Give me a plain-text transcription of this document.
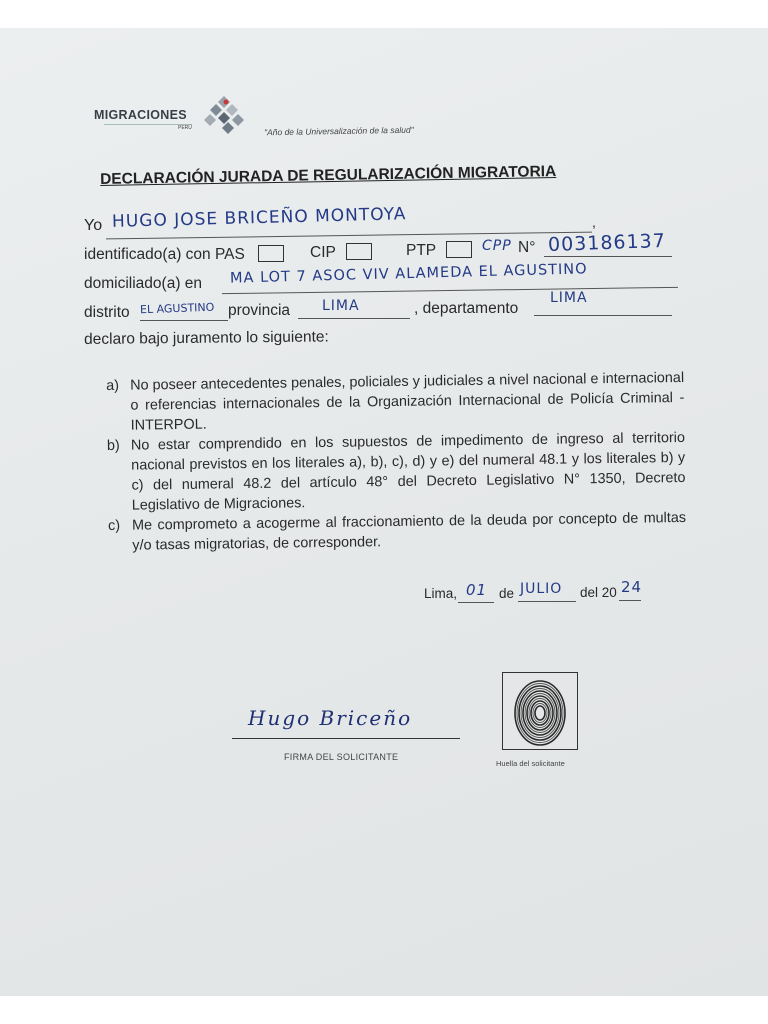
MIGRACIONES
PERÚ	"Año de la Universalización de la salud"
DECLARACIÓN JURADA DE REGULARIZACIÓN MIGRATORIA
Yo	,
HUGO JOSE BRICEÑO MONTOYA
identificado(a) con PAS	CIP	PTP	CPP N° 003186137
domiciliado(a) en MA LOT 7 ASOC VIV ALAMEDA EL AGUSTINO
distrito EL AGUSTINO provincia LIMA	, departamento
LIMA
declaro bajo juramento lo siguiente:
a) No poseer antecedentes penales, policiales y judiciales a nivel nacional e internacional o referencias internacionales de la Organización Internacional de Policía Criminal -INTERPOL.
b) No estar comprendido en los supuestos de impedimento de ingreso al territorio nacional previstos en los literales a), b), c), d) y e) del numeral 48.1 y los literales b) y c) del numeral 48.2 del artículo 48° del Decreto Legislativo N° 1350, Decreto Legislativo de Migraciones.
c) Me comprometo a acogerme al fraccionamiento de la deuda por concepto de multas y/o tasas migratorias, de corresponder.
Lima, 01 de JULIO del 20 24
Hugo Briceño
FIRMA DEL SOLICITANTE
Huella del solicitante
